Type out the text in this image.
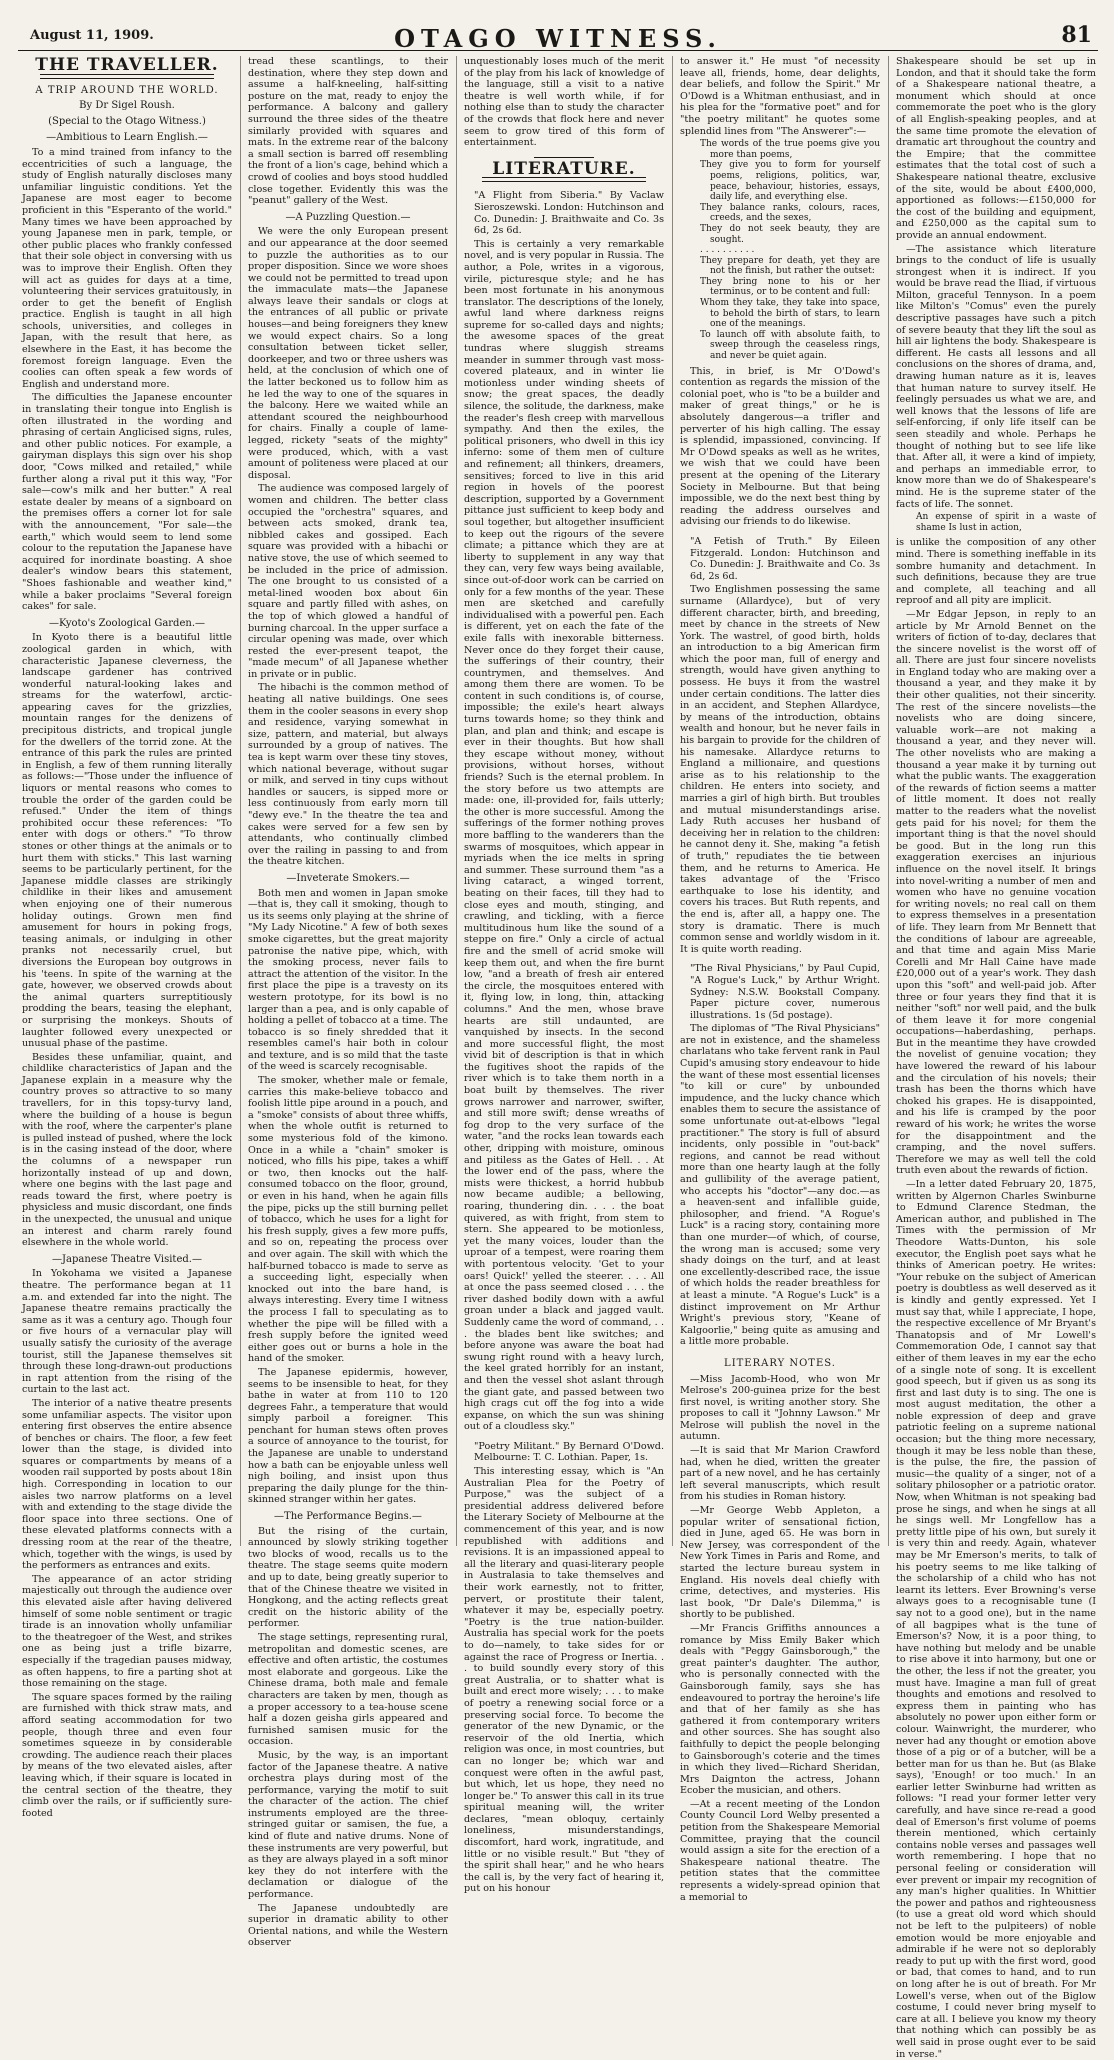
August 11, 1909.	OTAGO WITNESS.	81
THE TRAVELLER.
A TRIP AROUND THE WORLD.
By Dr Sigel Roush.
(Special to the Otago Witness.)
—Ambitious to Learn English.—

To a mind trained from infancy to the eccentricities of such a language, the study of English naturally discloses many unfamiliar linguistic conditions. Yet the Japanese are most eager to become proficient in this "Esperanto of the world." Many times we have been approached by young Japanese men in park, temple, or other public places who frankly confessed that their sole object in conversing with us was to improve their English. Often they will act as guides for days at a time, volunteering their services gratuitously, in order to get the benefit of English practice. English is taught in all high schools, universities, and colleges in Japan, with the result that here, as elsewhere in the East, it has become the foremost foreign language. Even the coolies can often speak a few words of English and understand more.

The difficulties the Japanese encounter in translating their tongue into English is often illustrated in the wording and phrasing of certain Anglicised signs, rules, and other public notices. For example, a gairyman displays this sign over his shop door, "Cows milked and retailed," while further along a rival put it this way, "For sale—cow's milk and her butter." A real estate dealer by means of a signboard on the premises offers a corner lot for sale with the announcement, "For sale—the earth," which would seem to lend some colour to the reputation the Japanese have acquired for inordinate boasting. A shoe dealer's window bears this statement, "Shoes fashionable and weather kind," while a baker proclaims "Several foreign cakes" for sale.

—Kyoto's Zoological Garden.—

In Kyoto there is a beautiful little zoological garden in which, with characteristic Japanese cleverness, the landscape gardener has contrived wonderful natural-looking lakes and streams for the waterfowl, arctic-appearing caves for the grizzlies, mountain ranges for the denizens of precipitous districts, and tropical jungle for the dwellers of the torrid zone. At the entrance of this park the rules are printed in English, a few of them running literally as follows:—"Those under the influence of liquors or mental reasons who comes to trouble the order of the garden could be refused." Under the item of things prohibited occur these references: "To enter with dogs or others." "To throw stones or other things at the animals or to hurt them with sticks." This last warning seems to be particularly pertinent, for the Japanese middle classes are strikingly childlike in their likes and amusement when enjoying one of their numerous holiday outings. Grown men find amusement for hours in poking frogs, teasing animals, or indulging in other pranks not necessarily cruel, but diversions the European boy outgrows in his 'teens. In spite of the warning at the gate, however, we observed crowds about the animal quarters surreptitiously prodding the bears, teasing the elephant, or surprising the monkeys. Shouts of laughter followed every unexpected or unusual phase of the pastime.

Besides these unfamiliar, quaint, and childlike characteristics of Japan and the Japanese explain in a measure why the country proves so attractive to so many travellers, for in this topsy-turvy land, where the building of a house is begun with the roof, where the carpenter's plane is pulled instead of pushed, where the lock is in the casing instead of the door, where the columns of a newspaper run horizontally instead of up and down, where one begins with the last page and reads toward the first, where poetry is physicless and music discordant, one finds in the unexpected, the unusual and unique an interest and charm rarely found elsewhere in the whole world.

—Japanese Theatre Visited.—

In Yokohama we visited a Japanese theatre. The performance began at 11 a.m. and extended far into the night. The Japanese theatre remains practically the same as it was a century ago. Though four or five hours of a vernacular play will usually satisfy the curiosity of the average tourist, still the Japanese themselves sit through these long-drawn-out productions in rapt attention from the rising of the curtain to the last act.

The interior of a native theatre presents some unfamiliar aspects. The visitor upon entering first observes the entire absence of benches or chairs. The floor, a few feet lower than the stage, is divided into squares or compartments by means of a wooden rail supported by posts about 18in high. Corresponding in location to our aisles two narrow platforms on a level with and extending to the stage divide the floor space into three sections. One of these elevated platforms connects with a dressing room at the rear of the theatre, which, together with the wings, is used by the performers as entrances and exits.

The appearance of an actor striding majestically out through the audience over this elevated aisle after having delivered himself of some noble sentiment or tragic tirade is an innovation wholly unfamiliar to the theatregoer of the West, and strikes one as being just a trifle bizarre, especially if the tragedian pauses midway, as often happens, to fire a parting shot at those remaining on the stage.

The square spaces formed by the railing are furnished with thick straw mats, and afford seating accommodation for two people, though three and even four sometimes squeeze in by considerable crowding. The audience reach their places by means of the two elevated aisles, after leaving which, if their square is located in the central section of the theatre, they climb over the rails, or if sufficiently sure-footed

tread these scantlings, to their destination, where they step down and assume a half-kneeling, half-sitting posture on the mat, ready to enjoy the performance. A balcony and gallery surround the three sides of the theatre similarly provided with squares and mats. In the extreme rear of the balcony a small section is barred off resembling the front of a lion's cage, behind which a crowd of coolies and boys stood huddled close together. Evidently this was the "peanut" gallery of the West.

—A Puzzling Question.—

We were the only European present and our appearance at the door seemed to puzzle the authorities as to our proper disposition. Since we wore shoes we could not be permitted to tread upon the immaculate mats—the Japanese always leave their sandals or clogs at the entrances of all public or private houses—and being foreigners they knew we would expect chairs. So a long consultation between ticket seller, doorkeeper, and two or three ushers was held, at the conclusion of which one of the latter beckoned us to follow him as he led the way to one of the squares in the balcony. Here we waited while an attendant scoured the neighbourhood for chairs. Finally a couple of lame-legged, rickety "seats of the mighty" were produced, which, with a vast amount of politeness were placed at our disposal.

The audience was composed largely of women and children. The better class occupied the "orchestra" squares, and between acts smoked, drank tea, nibbled cakes and gossiped. Each square was provided with a hibachi or native stove, the use of which seemed to be included in the price of admission. The one brought to us consisted of a metal-lined wooden box about 6in square and partly filled with ashes, on the top of which glowed a handful of burning charcoal. In the upper surface a circular opening was made, over which rested the ever-present teapot, the "made mecum" of all Japanese whether in private or in public.

The hibachi is the common method of heating all native buildings. One sees them in the cooler seasons in every shop and residence, varying somewhat in size, pattern, and material, but always surrounded by a group of natives. The tea is kept warm over these tiny stoves, which national beverage, without sugar or milk, and served in tiny cups without handles or saucers, is sipped more or less continuously from early morn till "dewy eve." In the theatre the tea and cakes were served for a few sen by attendants, who continually climbed over the railing in passing to and from the theatre kitchen.

—Inveterate Smokers.—

Both men and women in Japan smoke—that is, they call it smoking, though to us its seems only playing at the shrine of "My Lady Nicotine." A few of both sexes smoke cigarettes, but the great majority patronise the native pipe, which, with the smoking process, never fails to attract the attention of the visitor. In the first place the pipe is a travesty on its western prototype, for its bowl is no larger than a pea, and is only capable of holding a pellet of tobacco at a time. The tobacco is so finely shredded that it resembles camel's hair both in colour and texture, and is so mild that the taste of the weed is scarcely recognisable.

The smoker, whether male or female, carries this make-believe tobacco and foolish little pipe around in a pouch, and a "smoke" consists of about three whiffs, when the whole outfit is returned to some mysterious fold of the kimono. Once in a while a "chain" smoker is noticed, who fills his pipe, takes a whiff or two, then knocks out the half-consumed tobacco on the floor, ground, or even in his hand, when he again fills the pipe, picks up the still burning pellet of tobacco, which he uses for a light for his fresh supply, gives a few more puffs, and so on, repeating the process over and over again. The skill with which the half-burned tobacco is made to serve as a succeeding light, especially when knocked out into the bare hand, is always interesting. Every time I witness the process I fall to speculating as to whether the pipe will be filled with a fresh supply before the ignited weed either goes out or burns a hole in the hand of the smoker.

The Japanese epidermis, however, seems to be insensible to heat, for they bathe in water at from 110 to 120 degrees Fahr., a temperature that would simply parboil a foreigner. This penchant for human stews often proves a source of annoyance to the tourist, for the Japanese are unable to understand how a bath can be enjoyable unless well nigh boiling, and insist upon thus preparing the daily plunge for the thin-skinned stranger within her gates.

—The Performance Begins.—

But the rising of the curtain, announced by slowly striking together two blocks of wood, recalls us to the theatre. The stage seems quite modern and up to date, being greatly superior to that of the Chinese theatre we visited in Hongkong, and the acting reflects great credit on the historic ability of the performer.

The stage settings, representing rural, metropolitan and domestic scenes, are effective and often artistic, the costumes most elaborate and gorgeous. Like the Chinese drama, both male and female characters are taken by men, though as a proper accessory to a tea-house scene half a dozen geisha girls appeared and furnished samisen music for the occasion.

Music, by the way, is an important factor of the Japanese theatre. A native orchestra plays during most of the performance, varying the motif to suit the character of the action. The chief instruments employed are the three-stringed guitar or samisen, the fue, a kind of flute and native drums. None of these instruments are very powerful, but as they are always played in a soft minor key they do not interfere with the declamation or dialogue of the performance.

The Japanese undoubtedly are superior in dramatic ability to other Oriental nations, and while the Western observer

unquestionably loses much of the merit of the play from his lack of knowledge of the language, still a visit to a native theatre is well worth while, if for nothing else than to study the character of the crowds that flock here and never seem to grow tired of this form of entertainment.

LITERATURE.

"A Flight from Siberia." By Vaclaw Sieroszewski. London: Hutchinson and Co. Dunedin: J. Braithwaite and Co. 3s 6d, 2s 6d.

This is certainly a very remarkable novel, and is very popular in Russia. The author, a Pole, writes in a vigorous, virile, picturesque style; and he has been most fortunate in his anonymous translator. The descriptions of the lonely, awful land where darkness reigns supreme for so-called days and nights; the awesome spaces of the great tundras where sluggish streams meander in summer through vast moss-covered plateaux, and in winter lie motionless under winding sheets of snow; the great spaces, the deadly silence, the solitude, the darkness, make the reader's flesh creep with marvellous sympathy. And then the exiles, the political prisoners, who dwell in this icy inferno: some of them men of culture and refinement; all thinkers, dreamers, sensitives; forced to live in this arid region in hovels of the poorest description, supported by a Government pittance just sufficient to keep body and soul together, but altogether insufficient to keep out the rigours of the severe climate; a pittance which they are at liberty to supplement in any way that they can, very few ways being available, since out-of-door work can be carried on only for a few months of the year. These men are sketched and carefully individualised with a powerful pen. Each is different, yet on each the fate of the exile falls with inexorable bitterness. Never once do they forget their cause, the sufferings of their country, their countrymen, and themselves. And among them there are women. To be content in such conditions is, of course, impossible; the exile's heart always turns towards home; so they think and plan, and plan and think; and escape is ever in their thoughts. But how shall they escape without money, without provisions, without horses, without friends? Such is the eternal problem. In the story before us two attempts are made: one, ill-provided for, fails utterly; the other is more successful. Among the sufferings of the former nothing proves more baffling to the wanderers than the swarms of mosquitoes, which appear in myriads when the ice melts in spring and summer. These surround them "as a living cataract, a winged torrent, beating on their faces, till they had to close eyes and mouth, stinging, and crawling, and tickling, with a fierce multitudinous hum like the sound of a steppe on fire." Only a circle of actual fire and the smell of acrid smoke will keep them out, and when the fire burnt low, "and a breath of fresh air entered the circle, the mosquitoes entered with it, flying low, in long, thin, attacking columns." And the men, whose brave hearts are still undaunted, are vanquished by insects. In the second and more successful flight, the most vivid bit of description is that in which the fugitives shoot the rapids of the river which is to take them north in a boat built by themselves. The river grows narrower and narrower, swifter, and still more swift; dense wreaths of fog drop to the very surface of the water, "and the rocks lean towards each other, dripping with moisture, ominous and pitiless as the Gates of Hell. . . At the lower end of the pass, where the mists were thickest, a horrid hubbub now became audible; a bellowing, roaring, thundering din. . . . the boat quivered, as with fright, from stem to stern. She appeared to be motionless, yet the many voices, louder than the uproar of a tempest, were roaring them with portentous velocity. 'Get to your oars! Quick!' yelled the steerer. . . . All at once the pass seemed closed . . . the river dashed bodily down with a awful groan under a black and jagged vault. Suddenly came the word of command, . . . the blades bent like switches; and before anyone was aware the boat had swung right round with a heavy lurch, the keel grated horribly for an instant, and then the vessel shot aslant through the giant gate, and passed between two high crags cut off the fog into a wide expanse, on which the sun was shining out of a cloudless sky."

"Poetry Militant." By Bernard O'Dowd. Melbourne: T. C. Lothian. Paper, 1s.

This interesting essay, which is "An Australian Plea for the Poetry of Purpose," was the subject of a presidential address delivered before the Literary Society of Melbourne at the commencement of this year, and is now republished with additions and revisions. It is an impassioned appeal to all the literary and quasi-literary people in Australasia to take themselves and their work earnestly, not to fritter, pervert, or prostitute their talent, whatever it may be, especially poetry. "Poetry is the true nation-builder. Australia has special work for the poets to do—namely, to take sides for or against the race of Progress or Inertia. . . to build soundly every story of this great Australia, or to shatter what is built and erect more wisely; . . . to make of poetry a renewing social force or a preserving social force. To become the generator of the new Dynamic, or the reservoir of the old Inertia, which religion was once, in most countries, but can no longer be; which war and conquest were often in the awful past, but which, let us hope, they need no longer be." To answer this call in its true spiritual meaning will, the writer declares, "mean obloquy, certainly loneliness, misunderstandings, discomfort, hard work, ingratitude, and little or no visible result." But "they of the spirit shall hear," and he who hears the call is, by the very fact of hearing it, put on his honour

to answer it." He must "of necessity leave all, friends, home, dear delights, dear beliefs, and follow the Spirit." Mr O'Dowd is a Whitman enthusiast, and in his plea for the "formative poet" and for "the poetry militant" he quotes some splendid lines from "The Answerer":—

The words of the true poems give you more than poems,
They give you to form for yourself poems, religions, politics, war, peace, behaviour, histories, essays, daily life, and everything else.
They balance ranks, colours, races, creeds, and the sexes,
They do not seek beauty, they are sought.
. . . . . . . . . .
They prepare for death, yet they are not the finish, but rather the outset:
They bring none to his or her terminus, or to be content and full:
Whom they take, they take into space, to behold the birth of stars, to learn one of the meanings.
To launch off with absolute faith, to sweep through the ceaseless rings, and never be quiet again.

This, in brief, is Mr O'Dowd's contention as regards the mission of the colonial poet, who is "to be a builder and maker of great things," or he is absolutely dangerous—a trifler and perverter of his high calling. The essay is splendid, impassioned, convincing. If Mr O'Dowd speaks as well as he writes, we wish that we could have been present at the opening of the Literary Society in Melbourne. But that being impossible, we do the next best thing by reading the address ourselves and advising our friends to do likewise.

"A Fetish of Truth." By Eileen Fitzgerald. London: Hutchinson and Co. Dunedin: J. Braithwaite and Co. 3s 6d, 2s 6d.

Two Englishmen possessing the same surname (Allardyce), but of very different character, birth, and breeding, meet by chance in the streets of New York. The wastrel, of good birth, holds an introduction to a big American firm which the poor man, full of energy and strength, would have given anything to possess. He buys it from the wastrel under certain conditions. The latter dies in an accident, and Stephen Allardyce, by means of the introduction, obtains wealth and honour, but he never fails in his bargain to provide for the children of his namesake. Allardyce returns to England a millionaire, and questions arise as to his relationship to the children. He enters into society, and marries a girl of high birth. But troubles and mutual misunderstandings arise. Lady Ruth accuses her husband of deceiving her in relation to the children: he cannot deny it. She, making "a fetish of truth," repudiates the tie between them, and he returns to America. He takes advantage of the 'Frisco earthquake to lose his identity, and covers his traces. But Ruth repents, and the end is, after all, a happy one. The story is dramatic. There is much common sense and worldly wisdom in it. It is quite worth reading.

"The Rival Physicians," by Paul Cupid, "A Rogue's Luck," by Arthur Wright. Sydney: N.S.W. Bookstall Company. Paper picture cover, numerous illustrations. 1s (5d postage).

The diplomas of "The Rival Physicians" are not in existence, and the shameless charlatans who take fervent rank in Paul Cupid's amusing story endeavour to hide the want of these most essential licenses "to kill or cure" by unbounded impudence, and the lucky chance which enables them to secure the assistance of some unfortunate out-at-elbows "legal practitioner." The story is full of absurd incidents, only possible in "out-back" regions, and cannot be read without more than one hearty laugh at the folly and gullibility of the average patient, who accepts his "doctor"—any doc.—as a heaven-sent and infallible guide, philosopher, and friend. "A Rogue's Luck" is a racing story, containing more than one murder—of which, of course, the wrong man is accused; some very shady doings on the turf, and at least one excellently-described race, the issue of which holds the reader breathless for at least a minute. "A Rogue's Luck" is a distinct improvement on Mr Arthur Wright's previous story, "Keane of Kalgoorlie," being quite as amusing and a little more probable.

LITERARY NOTES.

—Miss Jacomb-Hood, who won Mr Melrose's 200-guinea prize for the best first novel, is writing another story. She proposes to call it "Johnny Lawson." Mr Melrose will publish the novel in the autumn.

—It is said that Mr Marion Crawford had, when he died, written the greater part of a new novel, and he has certainly left several manuscripts, which result from his studies in Roman history.

—Mr George Webb Appleton, a popular writer of sensational fiction, died in June, aged 65. He was born in New Jersey, was correspondent of the New York Times in Paris and Rome, and started the lecture bureau system in England. His novels deal chiefly with crime, detectives, and mysteries. His last book, "Dr Dale's Dilemma," is shortly to be published.

—Mr Francis Griffiths announces a romance by Miss Emily Baker which deals with "Peggy Gainsborough," the great painter's daughter. The author, who is personally connected with the Gainsborough family, says she has endeavoured to portray the heroine's life and that of her family as she has gathered it from contemporary writers and other sources. She has sought also faithfully to depict the people belonging to Gainsborough's coterie and the times in which they lived—Richard Sheridan, Mrs Daignton the actress, Johann Ecober the musician, and others.

—At a recent meeting of the London County Council Lord Welby presented a petition from the Shakespeare Memorial Committee, praying that the council would assign a site for the erection of a Shakespeare national theatre. The petition states that the committee represents a widely-spread opinion that a memorial to

Shakespeare should be set up in London, and that it should take the form of a Shakespeare national theatre, a monument which should at once commemorate the poet who is the glory of all English-speaking peoples, and at the same time promote the elevation of dramatic art throughout the country and the Empire; that the committee estimates that the total cost of such a Shakespeare national theatre, exclusive of the site, would be about £400,000, apportioned as follows:—£150,000 for the cost of the building and equipment, and £250,000 as the capital sum to provide an annual endowment.

—The assistance which literature brings to the conduct of life is usually strongest when it is indirect. If you would be brave read the Iliad, if virtuous Milton, graceful Tennyson. In a poem like Milton's "Comus" even the purely descriptive passages have such a pitch of severe beauty that they lift the soul as hill air lightens the body. Shakespeare is different. He casts all lessons and all conclusions on the shores of drama, and, drawing human nature as it is, leaves that human nature to survey itself. He feelingly persuades us what we are, and well knows that the lessons of life are self-enforcing, if only life itself can be seen steadily and whole. Perhaps he thought of nothing but to see life like that. After all, it were a kind of impiety, and perhaps an immediable error, to know more than we do of Shakespeare's mind. He is the supreme stater of the facts of life. The sonnet.

An expense of spirit in a waste of shame Is lust in action,

is unlike the composition of any other mind. There is something ineffable in its sombre humanity and detachment. In such definitions, because they are true and complete, all teaching and all reproof and all pity are implicit.

—Mr Edgar Jepson, in reply to an article by Mr Arnold Bennet on the writers of fiction of to-day, declares that the sincere novelist is the worst off of all. There are just four sincere novelists in England today who are making over a thousand a year, and they make it by their other qualities, not their sincerity. The rest of the sincere novelists—the novelists who are doing sincere, valuable work—are not making a thousand a year, and they never will. The other novelists who are making a thousand a year make it by turning out what the public wants. The exaggeration of the rewards of fiction seems a matter of little moment. It does not really matter to the readers what the novelist gets paid for his novel; for them the important thing is that the novel should be good. But in the long run this exaggeration exercises an injurious influence on the novel itself. It brings into novel-writing a number of men and women who have no genuine vocation for writing novels; no real call on them to express themselves in a presentation of life. They learn from Mr Bennett that the conditions of labour are agreeable, and that time and again Miss Marie Corelli and Mr Hall Caine have made £20,000 out of a year's work. They dash upon this "soft" and well-paid job. After three or four years they find that it is neither "soft" nor well paid, and the bulk of them leave it for more congenial occupations—haberdashing, perhaps. But in the meantime they have crowded the novelist of genuine vocation; they have lowered the reward of his labour and the circulation of his novels; their trash has been the thorns which have choked his grapes. He is disappointed, and his life is cramped by the poor reward of his work; he writes the worse for the disappointment and the cramping, and the novel suffers. Therefore we may as well tell the cold truth even about the rewards of fiction.

—In a letter dated February 20, 1875, written by Algernon Charles Swinburne to Edmund Clarence Stedman, the American author, and published in The Times with the permission of Mr Theodore Watts-Dunton, his sole executor, the English poet says what he thinks of American poetry. He writes: "Your rebuke on the subject of American poetry is doubtless as well deserved as it is kindly and gently expressed. Yet I must say that, while I appreciate, I hope, the respective excellence of Mr Bryant's Thanatopsis and of Mr Lowell's Commemoration Ode, I cannot say that either of them leaves in my ear the echo of a single note of song. It is excellent good speech, but if given us as song its first and last duty is to sing. The one is most august meditation, the other a noble expression of deep and grave patriotic feeling on a supreme national occasion; but the thing more necessary, though it may be less noble than these, is the pulse, the fire, the passion of music—the quality of a singer, not of a solitary philosopher or a patriotic orator. Now, when Whitman is not speaking bad prose he sings, and when he sings at all he sings well. Mr Longfellow has a pretty little pipe of his own, but surely it is very thin and reedy. Again, whatever may be Mr Emerson's merits, to talk of his poetry seems to me like talking of the scholarship of a child who has not learnt its letters. Ever Browning's verse always goes to a recognisable tune (I say not to a good one), but in the name of all bagpipes what is the tune of Emerson's? Now, it is a poor thing, to have nothing but melody and be unable to rise above it into harmony, but one or the other, the less if not the greater, you must have. Imagine a man full of great thoughts and emotions and resolved to express them in painting who has absolutely no power upon either form or colour. Wainwright, the murderer, who never had any thought or emotion above those of a pig or of a butcher, will be a better man for us than he. But (as Blake says), 'Enough! or too much.' In an earlier letter Swinburne had written as follows: "I read your former letter very carefully, and have since re-read a good deal of Emerson's first volume of poems therein mentioned, which certainly contains noble verses and passages well worth remembering. I hope that no personal feeling or consideration will ever prevent or impair my recognition of any man's higher qualities. In Whittier the power and pathos and righteousness (to use a great old word which should not be left to the pulpiteers) of noble emotion would be more enjoyable and admirable if he were not so deplorably ready to put up with the first word, good or bad, that comes to hand, and to run on long after he is out of breath. For Mr Lowell's verse, when out of the Biglow costume, I could never bring myself to care at all. I believe you know my theory that nothing which can possibly be as well said in prose ought ever to be said in verse."
